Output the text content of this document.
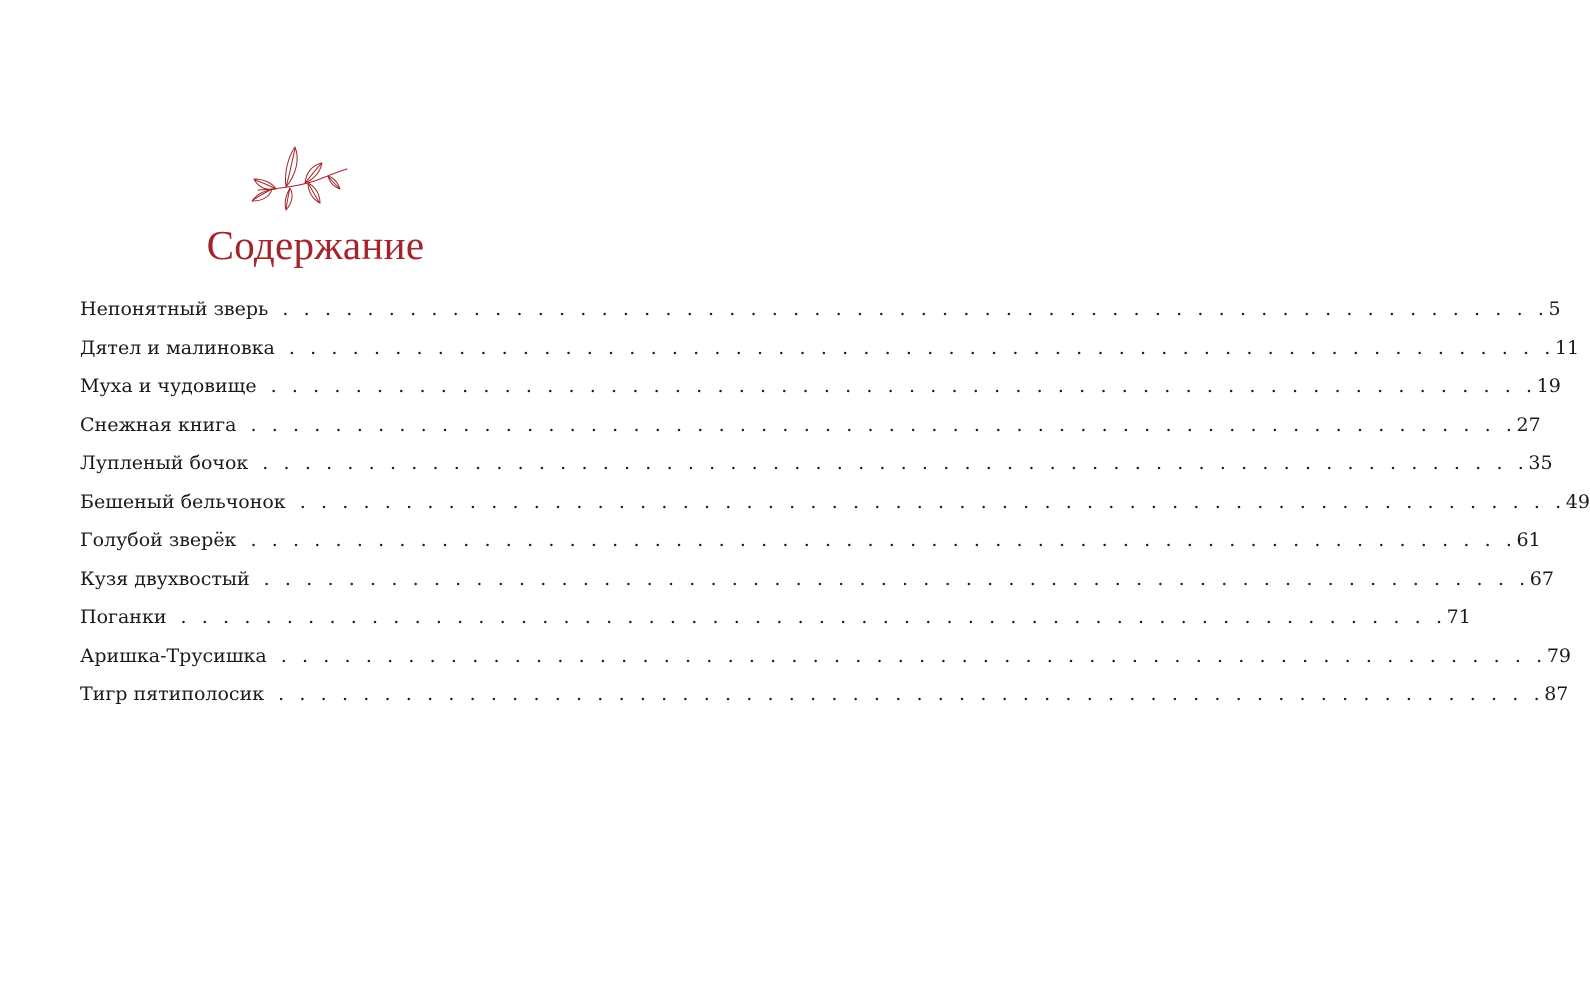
Содержание
Непонятный зверь . . . . . . . . . . . . . . . . . . . . . . . . . . . . . . . . . . . . . . . . . . . . . . . . . . . . . . . . . . . . 5
Дятел и малиновка . . . . . . . . . . . . . . . . . . . . . . . . . . . . . . . . . . . . . . . . . . . . . . . . . . . . . . . . . . . . 11
Муха и чудовище . . . . . . . . . . . . . . . . . . . . . . . . . . . . . . . . . . . . . . . . . . . . . . . . . . . . . . . . . . . . 19
Снежная книга . . . . . . . . . . . . . . . . . . . . . . . . . . . . . . . . . . . . . . . . . . . . . . . . . . . . . . . . . . . . 27
Лупленый бочок . . . . . . . . . . . . . . . . . . . . . . . . . . . . . . . . . . . . . . . . . . . . . . . . . . . . . . . . . . . . 35
Бешеный бельчонок . . . . . . . . . . . . . . . . . . . . . . . . . . . . . . . . . . . . . . . . . . . . . . . . . . . . . . . . . . . . 49
Голубой зверёк . . . . . . . . . . . . . . . . . . . . . . . . . . . . . . . . . . . . . . . . . . . . . . . . . . . . . . . . . . . . 61
Кузя двухвостый . . . . . . . . . . . . . . . . . . . . . . . . . . . . . . . . . . . . . . . . . . . . . . . . . . . . . . . . . . . . 67
Поганки . . . . . . . . . . . . . . . . . . . . . . . . . . . . . . . . . . . . . . . . . . . . . . . . . . . . . . . . . . . . 71
Аришка-Трусишка . . . . . . . . . . . . . . . . . . . . . . . . . . . . . . . . . . . . . . . . . . . . . . . . . . . . . . . . . . . . 79
Тигр пятиполосик . . . . . . . . . . . . . . . . . . . . . . . . . . . . . . . . . . . . . . . . . . . . . . . . . . . . . . . . . . . . 87
